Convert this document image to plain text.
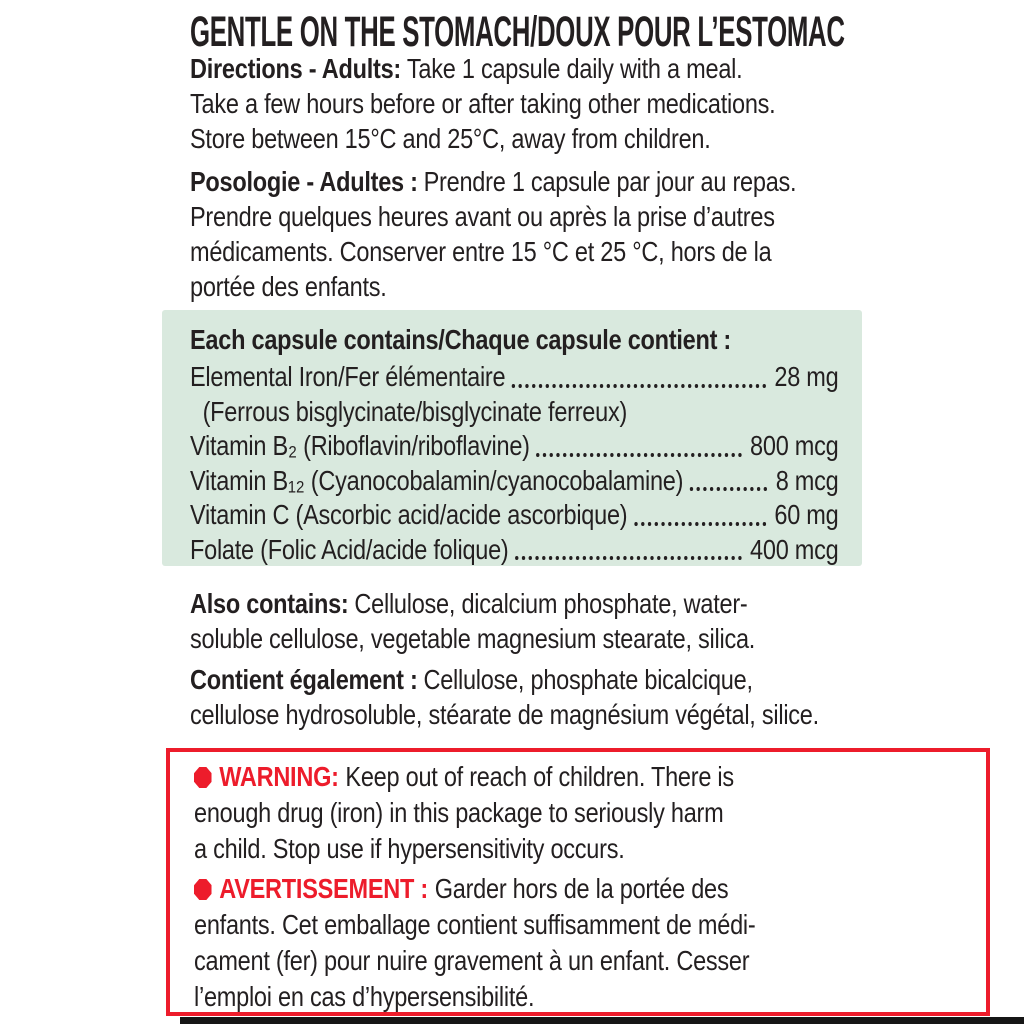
GENTLE ON THE STOMACH/DOUX POUR L’ESTOMAC
Directions - Adults: Take 1 capsule daily with a meal.
Take a few hours before or after taking other medications.
Store between 15°C and 25°C, away from children.
Posologie - Adultes : Prendre 1 capsule par jour au repas.
Prendre quelques heures avant ou après la prise d’autres
médicaments. Conserver entre 15 °C et 25 °C, hors de la
portée des enfants.
Each capsule contains/Chaque capsule contient :
Elemental Iron/Fer élémentaire	28 mg
(Ferrous bisglycinate/bisglycinate ferreux)
Vitamin B₂ (Riboflavin/riboflavine)	800 mcg
Vitamin B₁₂ (Cyanocobalamin/cyanocobalamine)	8 mcg
Vitamin C (Ascorbic acid/acide ascorbique)	60 mg
Folate (Folic Acid/acide folique)	400 mcg
Also contains: Cellulose, dicalcium phosphate, water-
soluble cellulose, vegetable magnesium stearate, silica.
Contient également : Cellulose, phosphate bicalcique,
cellulose hydrosoluble, stéarate de magnésium végétal, silice.
WARNING: Keep out of reach of children. There is
enough drug (iron) in this package to seriously harm
a child. Stop use if hypersensitivity occurs.
AVERTISSEMENT : Garder hors de la portée des
enfants. Cet emballage contient suffisamment de médi-
cament (fer) pour nuire gravement à un enfant. Cesser
l’emploi en cas d’hypersensibilité.
